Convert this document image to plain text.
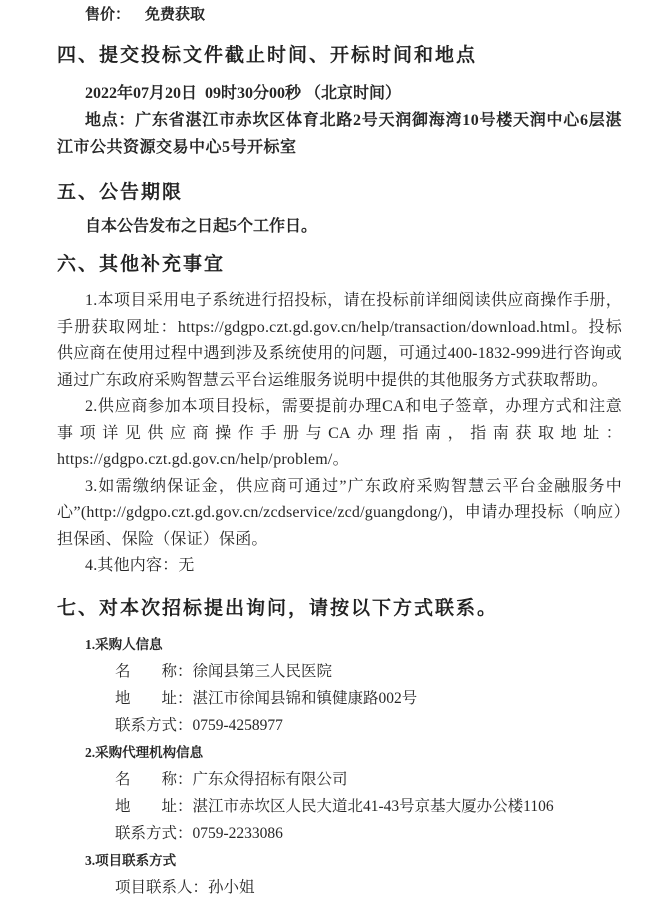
售价： 免费获取

四、提交投标文件截止时间、开标时间和地点

2022年07月20日  09时30分00秒 （北京时间）

地点：广东省湛江市赤坎区体育北路2号天润御海湾10号楼天润中心6层湛江市公共资源交易中心5号开标室

五、公告期限

自本公告发布之日起5个工作日。

六、其他补充事宜

1.本项目采用电子系统进行招投标，请在投标前详细阅读供应商操作手册，手册获取网址：https://gdgpo.czt.gd.gov.cn/help/transaction/download.html。投标供应商在使用过程中遇到涉及系统使用的问题，可通过400-1832-999进行咨询或通过广东政府采购智慧云平台运维服务说明中提供的其他服务方式获取帮助。

2.供应商参加本项目投标，需要提前办理CA和电子签章，办理方式和注意事项详见供应商操作手册与CA办理指南，指南获取地址：https://gdgpo.czt.gd.gov.cn/help/problem/。

3.如需缴纳保证金，供应商可通过”广东政府采购智慧云平台金融服务中心”(http://gdgpo.czt.gd.gov.cn/zcdservice/zcd/guangdong/)，申请办理投标（响应）担保函、保险（保证）保函。

4.其他内容：无

七、对本次招标提出询问，请按以下方式联系。

1.采购人信息

名　　称：徐闻县第三人民医院

地　　址：湛江市徐闻县锦和镇健康路002号

联系方式：0759-4258977

2.采购代理机构信息

名　　称：广东众得招标有限公司

地　　址：湛江市赤坎区人民大道北41-43号京基大厦办公楼1106

联系方式：0759-2233086

3.项目联系方式

项目联系人：孙小姐
